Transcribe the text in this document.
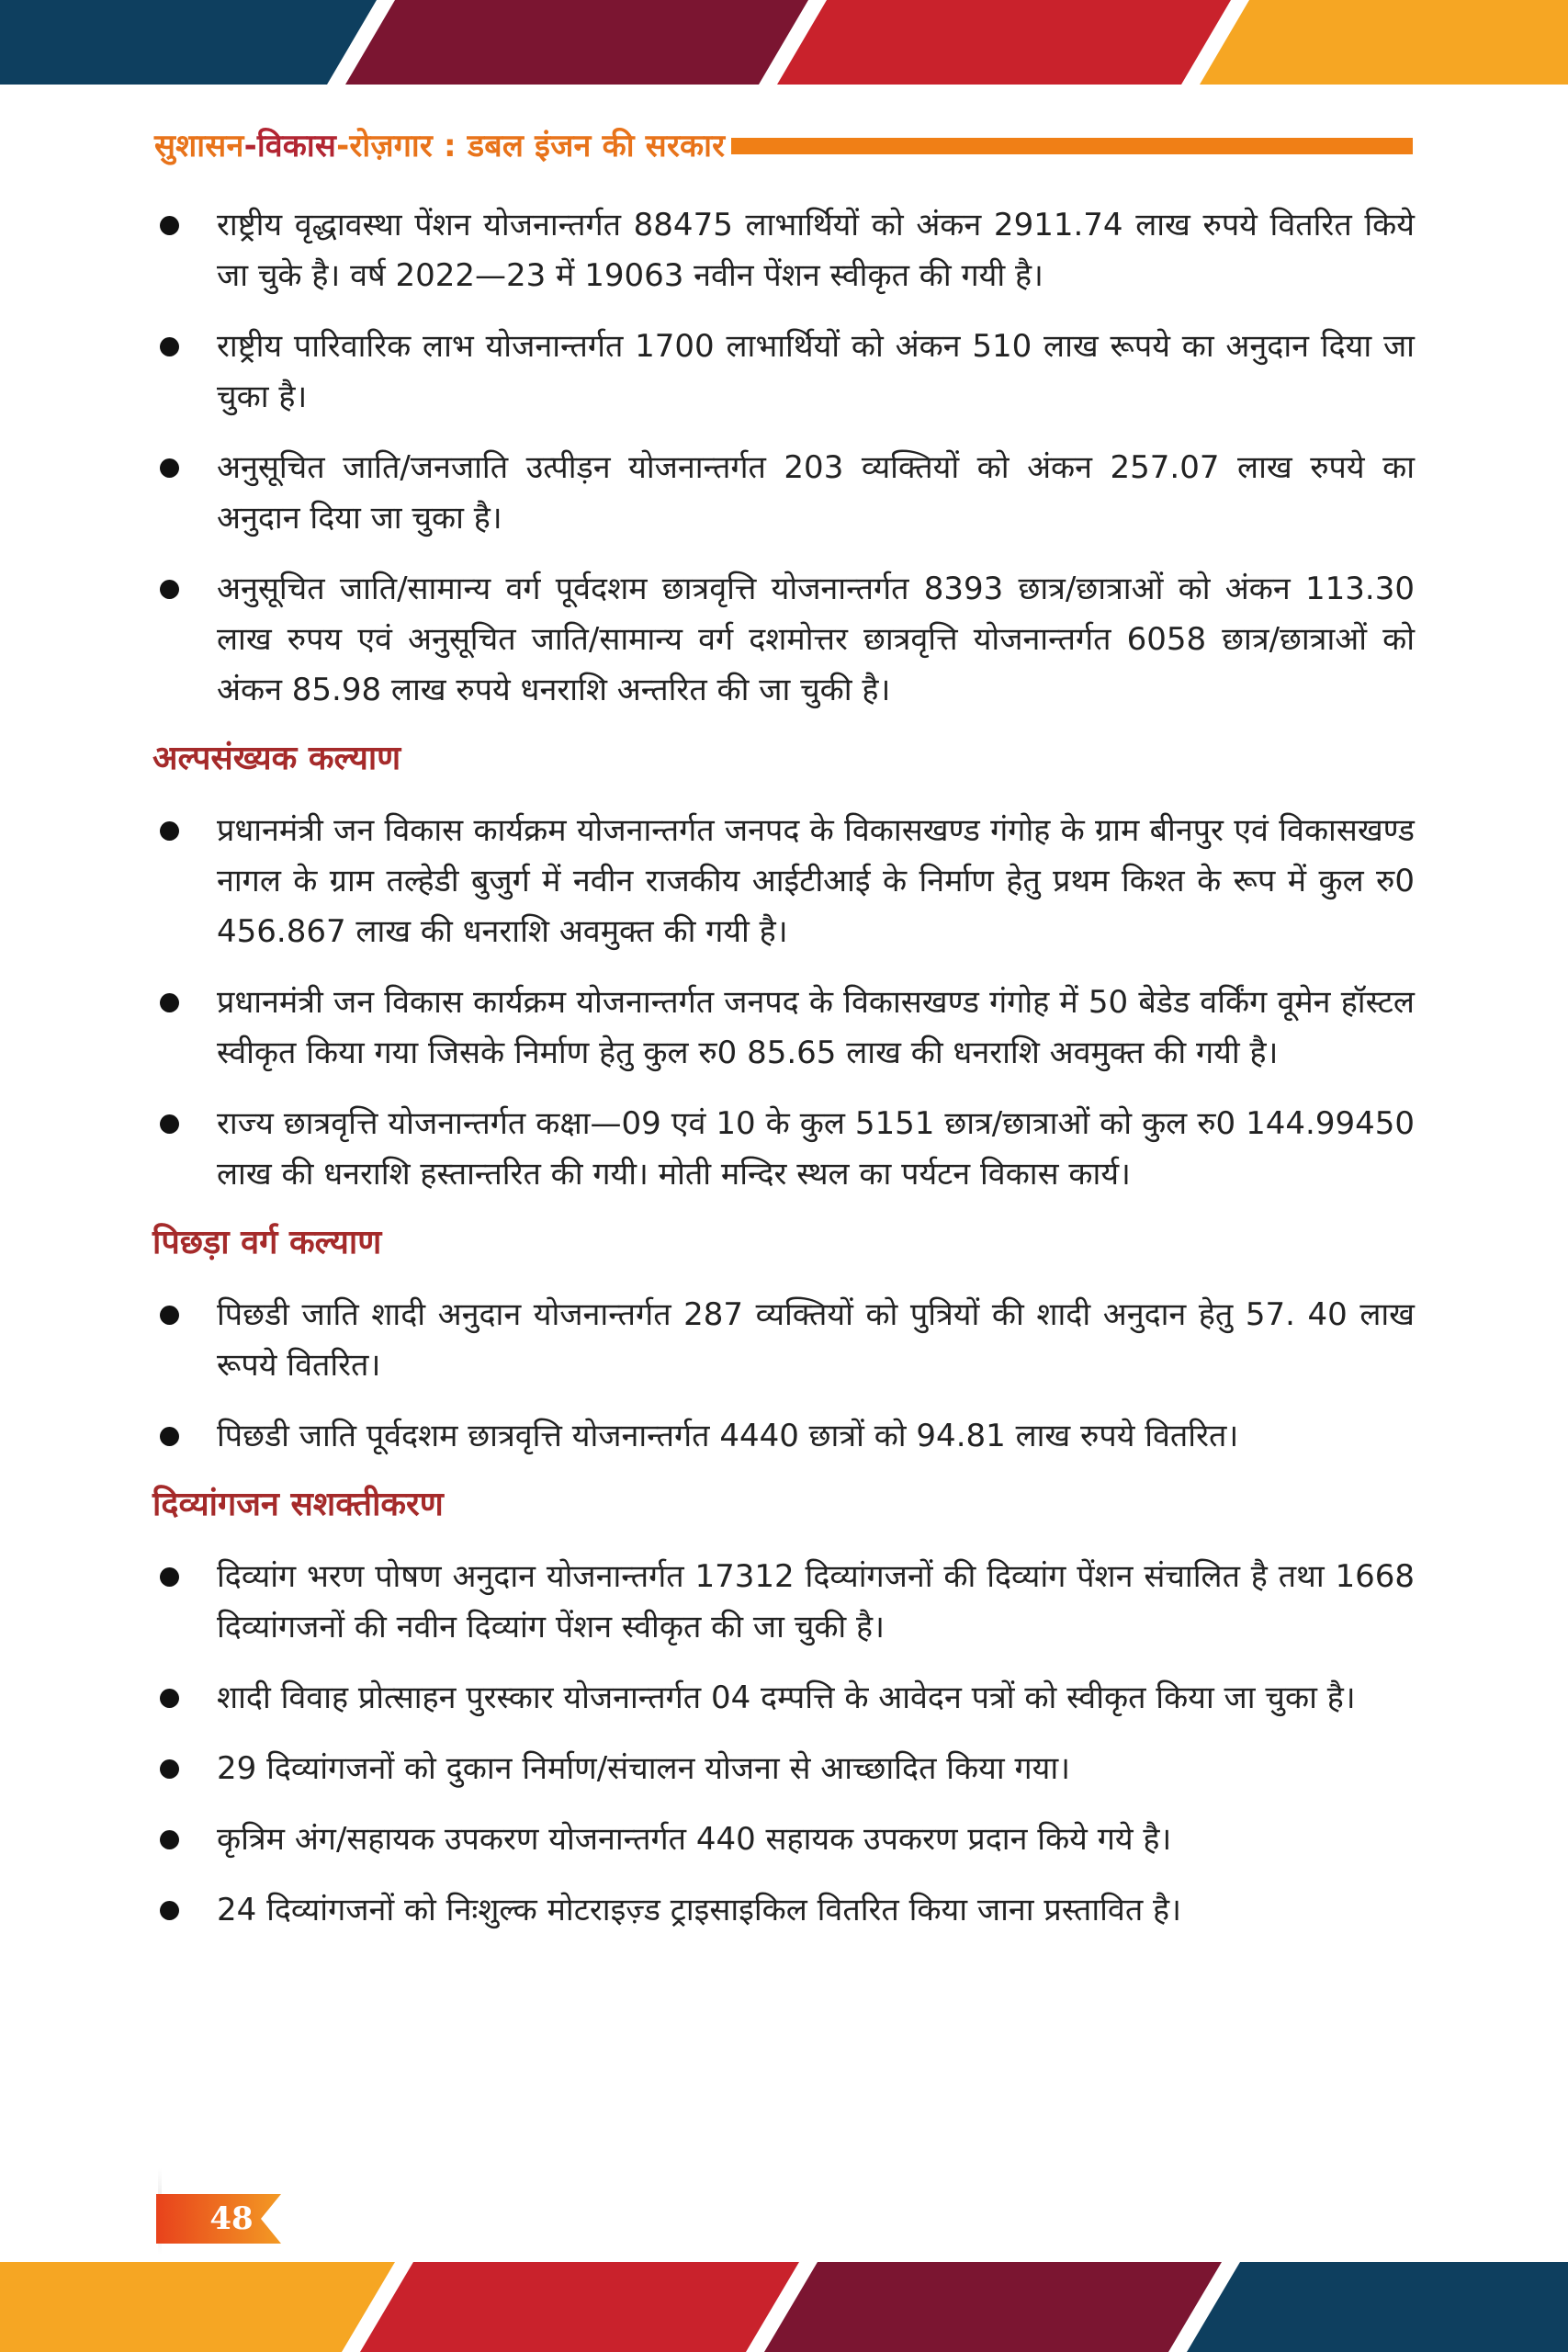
सुशासन-विकास-रोज़गार : डबल इंजन की सरकार
राष्ट्रीय वृद्धावस्था पेंशन योजनान्तर्गत 88475 लाभार्थियों को अंकन 2911.74 लाख रुपये वितरित किये जा चुके है। वर्ष 2022—23 में 19063 नवीन पेंशन स्वीकृत की गयी है।
राष्ट्रीय पारिवारिक लाभ योजनान्तर्गत 1700 लाभार्थियों को अंकन 510 लाख रूपये का अनुदान दिया जा चुका है।
अनुसूचित जाति/जनजाति उत्पीड़न योजनान्तर्गत 203 व्यक्तियों को अंकन 257.07 लाख रुपये का अनुदान दिया जा चुका है।
अनुसूचित जाति/सामान्य वर्ग पूर्वदशम छात्रवृत्ति योजनान्तर्गत 8393 छात्र/छात्राओं को अंकन 113.30 लाख रुपय एवं अनुसूचित जाति/सामान्य वर्ग दशमोत्तर छात्रवृत्ति योजनान्तर्गत 6058 छात्र/छात्राओं को अंकन 85.98 लाख रुपये धनराशि अन्तरित की जा चुकी है।
अल्पसंख्यक कल्याण
प्रधानमंत्री जन विकास कार्यक्रम योजनान्तर्गत जनपद के विकासखण्ड गंगोह के ग्राम बीनपुर एवं विकासखण्ड नागल के ग्राम तल्हेडी बुजुर्ग में नवीन राजकीय आईटीआई के निर्माण हेतु प्रथम किश्त के रूप में कुल रु0 456.867 लाख की धनराशि अवमुक्त की गयी है।
प्रधानमंत्री जन विकास कार्यक्रम योजनान्तर्गत जनपद के विकासखण्ड गंगोह में 50 बेडेड वर्किंग वूमेन हॉस्टल स्वीकृत किया गया जिसके निर्माण हेतु कुल रु0 85.65 लाख की धनराशि अवमुक्त की गयी है।
राज्य छात्रवृत्ति योजनान्तर्गत कक्षा—09 एवं 10 के कुल 5151 छात्र/छात्राओं को कुल रु0 144.99450 लाख की धनराशि हस्तान्तरित की गयी। मोती मन्दिर स्थल का पर्यटन विकास कार्य।
पिछड़ा वर्ग कल्याण
पिछडी जाति शादी अनुदान योजनान्तर्गत 287 व्यक्तियों को पुत्रियों की शादी अनुदान हेतु 57. 40 लाख रूपये वितरित।
पिछडी जाति पूर्वदशम छात्रवृत्ति योजनान्तर्गत 4440 छात्रों को 94.81 लाख रुपये वितरित।
दिव्यांगजन सशक्तीकरण
दिव्यांग भरण पोषण अनुदान योजनान्तर्गत 17312 दिव्यांगजनों की दिव्यांग पेंशन संचालित है तथा 1668 दिव्यांगजनों की नवीन दिव्यांग पेंशन स्वीकृत की जा चुकी है।
शादी विवाह प्रोत्साहन पुरस्कार योजनान्तर्गत 04 दम्पत्ति के आवेदन पत्रों को स्वीकृत किया जा चुका है।
29 दिव्यांगजनों को दुकान निर्माण/संचालन योजना से आच्छादित किया गया।
कृत्रिम अंग/सहायक उपकरण योजनान्तर्गत 440 सहायक उपकरण प्रदान किये गये है।
24 दिव्यांगजनों को निःशुल्क मोटराइज़्ड ट्राइसाइकिल वितरित किया जाना प्रस्तावित है।
48
